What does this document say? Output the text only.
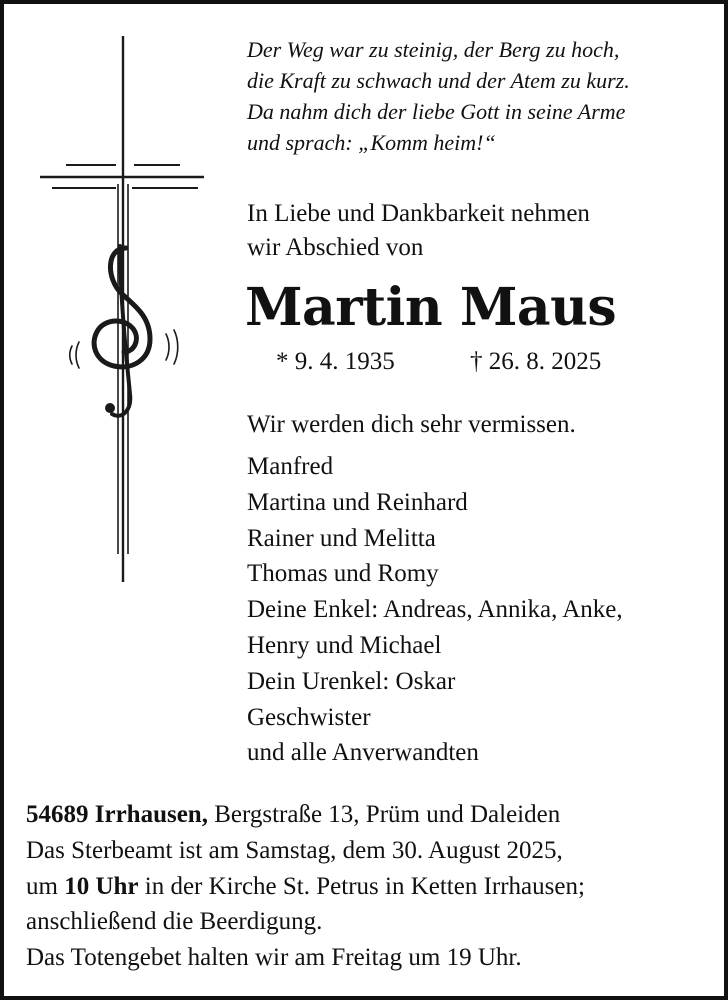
Der Weg war zu steinig, der Berg zu hoch,
die Kraft zu schwach und der Atem zu kurz.
Da nahm dich der liebe Gott in seine Arme
und sprach: „Komm heim!“
In Liebe und Dankbarkeit nehmen
wir Abschied von
Martin Maus
* 9. 4. 1935	† 26. 8. 2025
Wir werden dich sehr vermissen.
Manfred
Martina und Reinhard
Rainer und Melitta
Thomas und Romy
Deine Enkel: Andreas, Annika, Anke,
Henry und Michael
Dein Urenkel: Oskar
Geschwister
und alle Anverwandten
54689 Irrhausen, Bergstraße 13, Prüm und Daleiden
Das Sterbeamt ist am Samstag, dem 30. August 2025,
um 10 Uhr in der Kirche St. Petrus in Ketten Irrhausen;
anschließend die Beerdigung.
Das Totengebet halten wir am Freitag um 19 Uhr.
